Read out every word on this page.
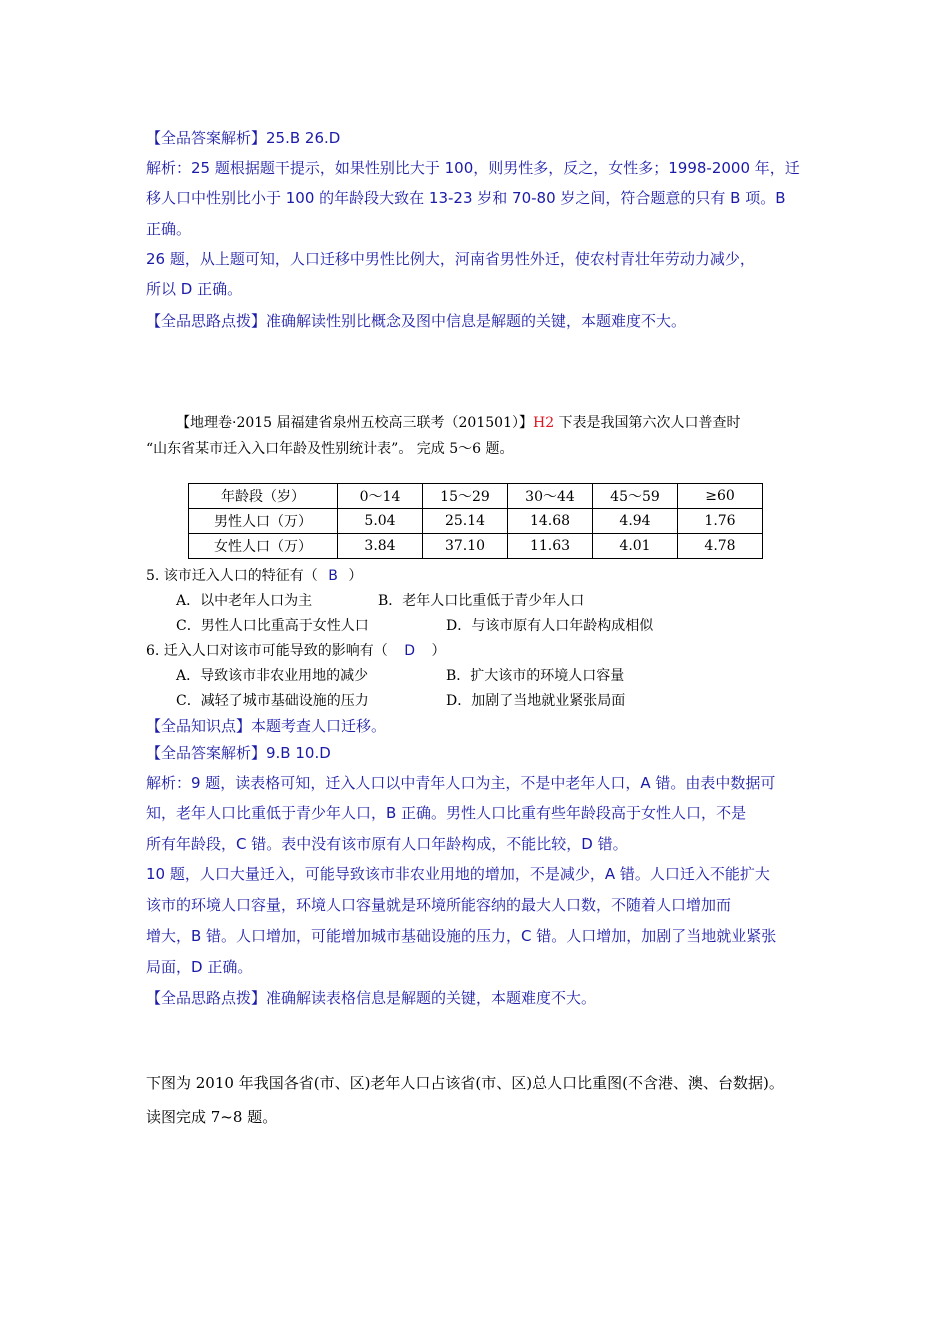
【全品答案解析】25.B 26.D
解析：25 题根据题干提示，如果性别比大于 100，则男性多，反之，女性多；1998-2000 年，迁
移人口中性别比小于 100 的年龄段大致在 13-23 岁和 70-80 岁之间，符合题意的只有 B 项。B
正确。
26 题，从上题可知，人口迁移中男性比例大，河南省男性外迁，使农村青壮年劳动力减少，
所以 D 正确。
【全品思路点拨】准确解读性别比概念及图中信息是解题的关键，本题难度不大。
【地理卷·2015 届福建省泉州五校高三联考（201501）】H2 下表是我国第六次人口普查时
“山东省某市迁入入口年龄及性别统计表”。 完成 5～6 题。
年龄段（岁）	0～14	15～29	30～44	45～59	≥60
男性人口（万）	5.04	25.14	14.68	4.94	1.76
女性人口（万）	3.84	37.10	11.63	4.01	4.78
5. 该市迁入人口的特征有（ B ）
A．以中老年人口为主	B．老年人口比重低于青少年人口
C．男性人口比重高于女性人口	D．与该市原有人口年龄构成相似
6. 迁入人口对该市可能导致的影响有（ D ）
A．导致该市非农业用地的减少	B．扩大该市的环境人口容量
C．减轻了城市基础设施的压力	D．加剧了当地就业紧张局面
【全品知识点】本题考查人口迁移。
【全品答案解析】9.B 10.D
解析：9 题，读表格可知，迁入人口以中青年人口为主，不是中老年人口，A 错。由表中数据可
知，老年人口比重低于青少年人口，B 正确。男性人口比重有些年龄段高于女性人口，不是
所有年龄段，C 错。表中没有该市原有人口年龄构成，不能比较，D 错。
10 题，人口大量迁入，可能导致该市非农业用地的增加，不是减少，A 错。人口迁入不能扩大
该市的环境人口容量，环境人口容量就是环境所能容纳的最大人口数，不随着人口增加而
增大，B 错。人口增加，可能增加城市基础设施的压力，C 错。人口增加，加剧了当地就业紧张
局面，D 正确。
【全品思路点拨】准确解读表格信息是解题的关键，本题难度不大。
下图为 2010 年我国各省(市、区)老年人口占该省(市、区)总人口比重图(不含港、澳、台数据)。
读图完成 7~8 题。
